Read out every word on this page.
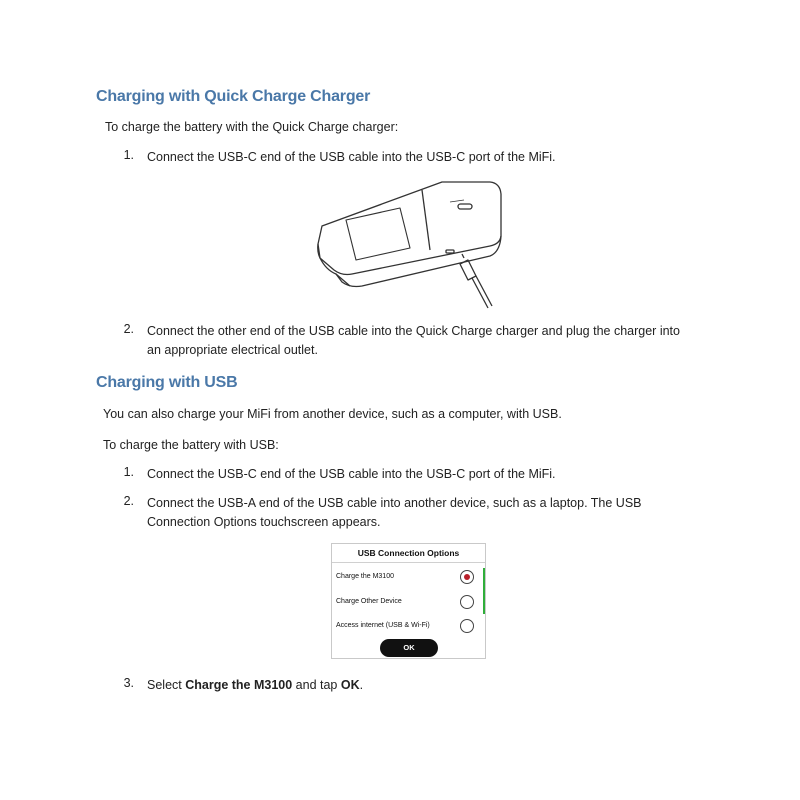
Charging with Quick Charge Charger

To charge the battery with the Quick Charge charger:

1. Connect the USB-C end of the USB cable into the USB-C port of the MiFi.

2. Connect the other end of the USB cable into the Quick Charge charger and plug the charger into

an appropriate electrical outlet.

Charging with USB

You can also charge your MiFi from another device, such as a computer, with USB.

To charge the battery with USB:

1. Connect the USB-C end of the USB cable into the USB-C port of the MiFi.

2. Connect the USB-A end of the USB cable into another device, such as a laptop. The USB

Connection Options touchscreen appears.

USB Connection Options
Charge the M3100
Charge Other Device
Access internet (USB & Wi-Fi)
OK
3. Select Charge the M3100 and tap OK.
